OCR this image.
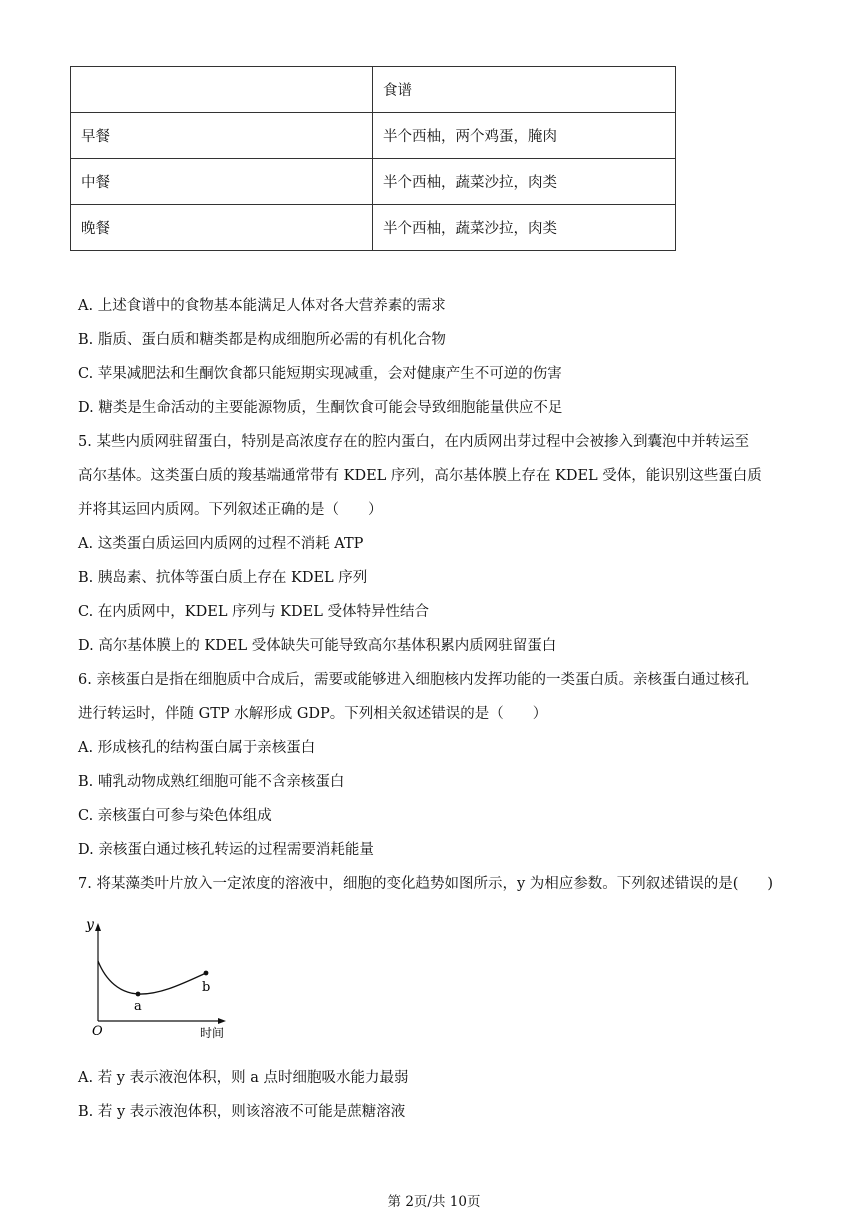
	食谱
早餐	半个西柚，两个鸡蛋，腌肉
中餐	半个西柚，蔬菜沙拉，肉类
晚餐	半个西柚，蔬菜沙拉，肉类
A. 上述食谱中的食物基本能满足人体对各大营养素的需求
B. 脂质、蛋白质和糖类都是构成细胞所必需的有机化合物
C. 苹果减肥法和生酮饮食都只能短期实现减重，会对健康产生不可逆的伤害
D. 糖类是生命活动的主要能源物质，生酮饮食可能会导致细胞能量供应不足
5. 某些内质网驻留蛋白，特别是高浓度存在的腔内蛋白，在内质网出芽过程中会被掺入到囊泡中并转运至
高尔基体。这类蛋白质的羧基端通常带有 KDEL 序列，高尔基体膜上存在 KDEL 受体，能识别这些蛋白质
并将其运回内质网。下列叙述正确的是（　　）
A. 这类蛋白质运回内质网的过程不消耗 ATP
B. 胰岛素、抗体等蛋白质上存在 KDEL 序列
C. 在内质网中，KDEL 序列与 KDEL 受体特异性结合
D. 高尔基体膜上的 KDEL 受体缺失可能导致高尔基体积累内质网驻留蛋白
6. 亲核蛋白是指在细胞质中合成后，需要或能够进入细胞核内发挥功能的一类蛋白质。亲核蛋白通过核孔
进行转运时，伴随 GTP 水解形成 GDP。下列相关叙述错误的是（　　）
A. 形成核孔的结构蛋白属于亲核蛋白
B. 哺乳动物成熟红细胞可能不含亲核蛋白
C. 亲核蛋白可参与染色体组成
D. 亲核蛋白通过核孔转运的过程需要消耗能量
7. 将某藻类叶片放入一定浓度的溶液中，细胞的变化趋势如图所示，y 为相应参数。下列叙述错误的是(　　)
y
O	时间
a
b
A. 若 y 表示液泡体积，则 a 点时细胞吸水能力最弱
B. 若 y 表示液泡体积，则该溶液不可能是蔗糖溶液
第 2页/共 10页
